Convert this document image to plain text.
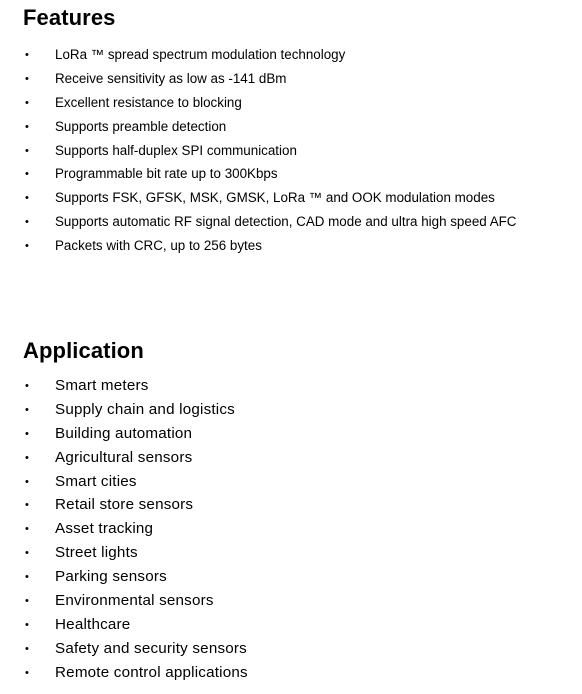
Features
• LoRa ™ spread spectrum modulation technology
• Receive sensitivity as low as -141 dBm
• Excellent resistance to blocking
• Supports preamble detection
• Supports half-duplex SPI communication
• Programmable bit rate up to 300Kbps
• Supports FSK, GFSK, MSK, GMSK, LoRa ™ and OOK modulation modes
• Supports automatic RF signal detection, CAD mode and ultra high speed AFC
• Packets with CRC, up to 256 bytes
Application
• Smart meters
• Supply chain and logistics
• Building automation
• Agricultural sensors
• Smart cities
• Retail store sensors
• Asset tracking
• Street lights
• Parking sensors
• Environmental sensors
• Healthcare
• Safety and security sensors
• Remote control applications
